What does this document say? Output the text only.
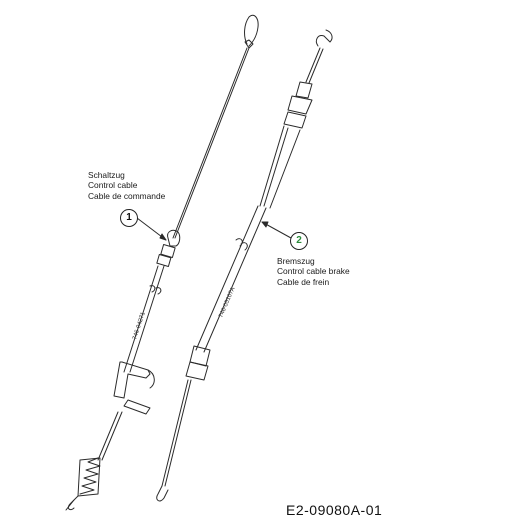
746-04271
746-05107A
Schaltzug
Control cable
Cable de commande
Bremszug
Control cable brake
Cable de frein
1
2
E2-09080A-01
